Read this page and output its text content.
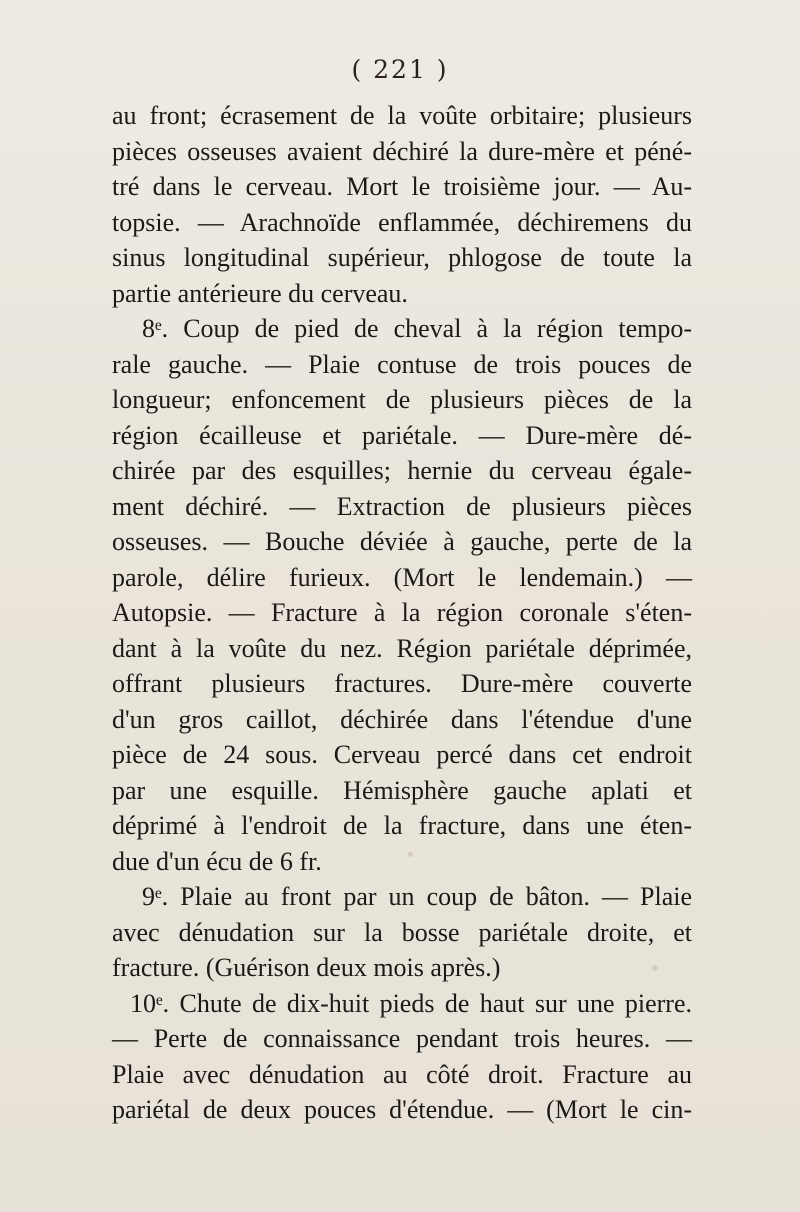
( 221 )
au front; écrasement de la voûte orbitaire; plusieurs
pièces osseuses avaient déchiré la dure-mère et péné-
tré dans le cerveau. Mort le troisième jour. — Au-
topsie. — Arachnoïde enflammée, déchiremens du
sinus longitudinal supérieur, phlogose de toute la
partie antérieure du cerveau.
8ᵉ. Coup de pied de cheval à la région tempo-
rale gauche. — Plaie contuse de trois pouces de
longueur; enfoncement de plusieurs pièces de la
région écailleuse et pariétale. — Dure-mère dé-
chirée par des esquilles; hernie du cerveau égale-
ment déchiré. — Extraction de plusieurs pièces
osseuses. — Bouche déviée à gauche, perte de la
parole, délire furieux. (Mort le lendemain.) —
Autopsie. — Fracture à la région coronale s'éten-
dant à la voûte du nez. Région pariétale déprimée,
offrant plusieurs fractures. Dure-mère couverte
d'un gros caillot, déchirée dans l'étendue d'une
pièce de 24 sous. Cerveau percé dans cet endroit
par une esquille. Hémisphère gauche aplati et
déprimé à l'endroit de la fracture, dans une éten-
due d'un écu de 6 fr.
9ᵉ. Plaie au front par un coup de bâton. — Plaie
avec dénudation sur la bosse pariétale droite, et
fracture. (Guérison deux mois après.)
10ᵉ. Chute de dix-huit pieds de haut sur une pierre.
— Perte de connaissance pendant trois heures. —
Plaie avec dénudation au côté droit. Fracture au
pariétal de deux pouces d'étendue. — (Mort le cin-
